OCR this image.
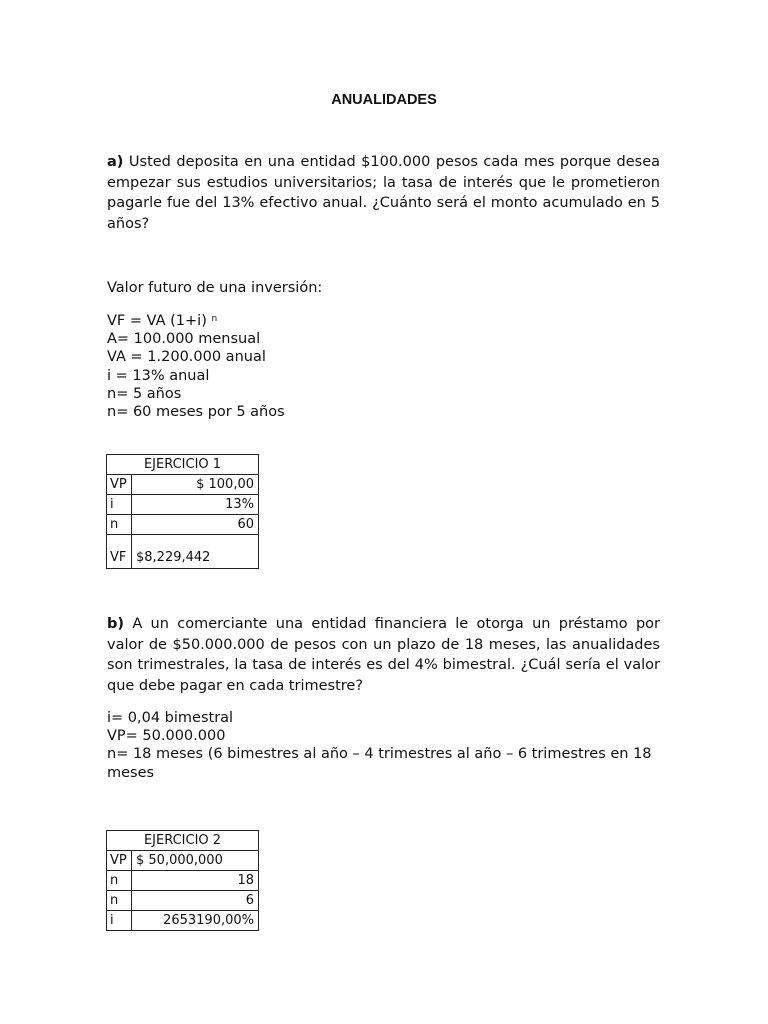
ANUALIDADES
a) Usted deposita en una entidad $100.000 pesos cada mes porque desea empezar sus estudios universitarios; la tasa de interés que le prometieron pagarle fue del 13% efectivo anual. ¿Cuánto será el monto acumulado en 5 años?
Valor futuro de una inversión:
VF = VA (1+i) $^n$
A= 100.000 mensual
VA = 1.200.000 anual
i = 13% anual
n= 5 años
n= 60 meses por 5 años
EJERCICIO 1	
VP	$ 100,00
i	13%
n	60
VF	$8,229,442
b) A un comerciante una entidad financiera le otorga un préstamo por valor de $50.000.000 de pesos con un plazo de 18 meses, las anualidades son trimestrales, la tasa de interés es del 4% bimestral. ¿Cuál sería el valor que debe pagar en cada trimestre?
i= 0,04 bimestral
VP= 50.000.000
n= 18 meses (6 bimestres al año – 4 trimestres al año – 6 trimestres en 18
meses
EJERCICIO 2	
VP	$ 50,000,000
n	18
n	6
i	2653190,00%
